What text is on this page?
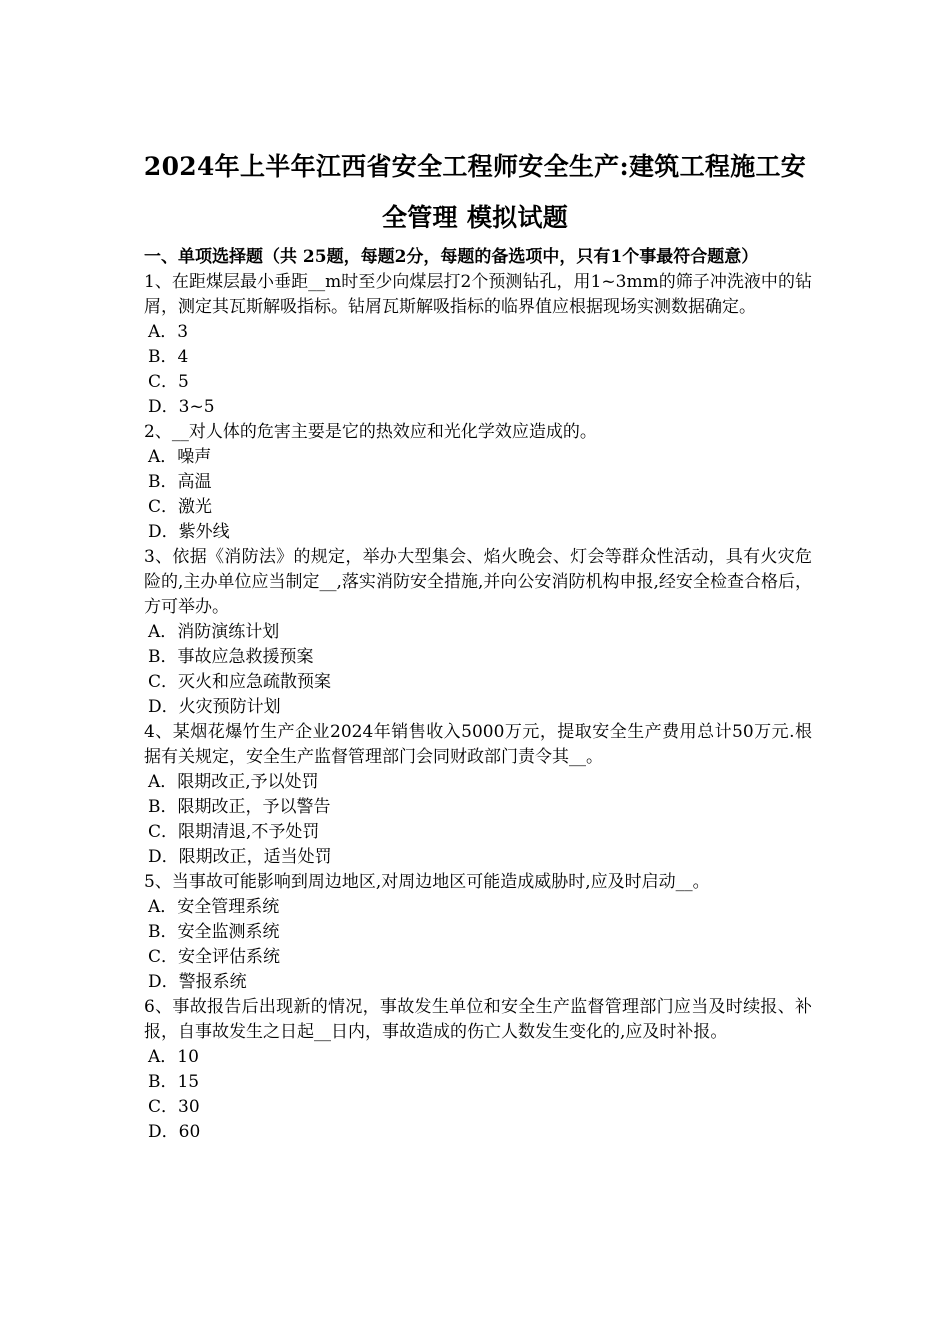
2024年上半年江西省安全工程师安全生产:建筑工程施工安
全管理 模拟试题
一、单项选择题（共 25题，每题2分，每题的备选项中，只有1个事最符合题意）
1、在距煤层最小垂距__m时至少向煤层打2个预测钻孔，用1~3mm的筛子冲洗液中的钻屑，测定其瓦斯解吸指标。钻屑瓦斯解吸指标的临界值应根据现场实测数据确定。
A．3
B．4
C．5
D．3~5
2、__对人体的危害主要是它的热效应和光化学效应造成的。
A．噪声
B．高温
C．激光
D．紫外线
3、依据《消防法》的规定，举办大型集会、焰火晚会、灯会等群众性活动，具有火灾危险的,主办单位应当制定__,落实消防安全措施,并向公安消防机构申报,经安全检查合格后，方可举办。
A．消防演练计划
B．事故应急救援预案
C．灭火和应急疏散预案
D．火灾预防计划
4、某烟花爆竹生产企业2024年销售收入5000万元，提取安全生产费用总计50万元.根据有关规定，安全生产监督管理部门会同财政部门责令其__。
A．限期改正,予以处罚
B．限期改正，予以警告
C．限期清退,不予处罚
D．限期改正，适当处罚
5、当事故可能影响到周边地区,对周边地区可能造成威胁时,应及时启动__。
A．安全管理系统
B．安全监测系统
C．安全评估系统
D．警报系统
6、事故报告后出现新的情况，事故发生单位和安全生产监督管理部门应当及时续报、补报，自事故发生之日起__日内，事故造成的伤亡人数发生变化的,应及时补报。
A．10
B．15
C．30
D．60
